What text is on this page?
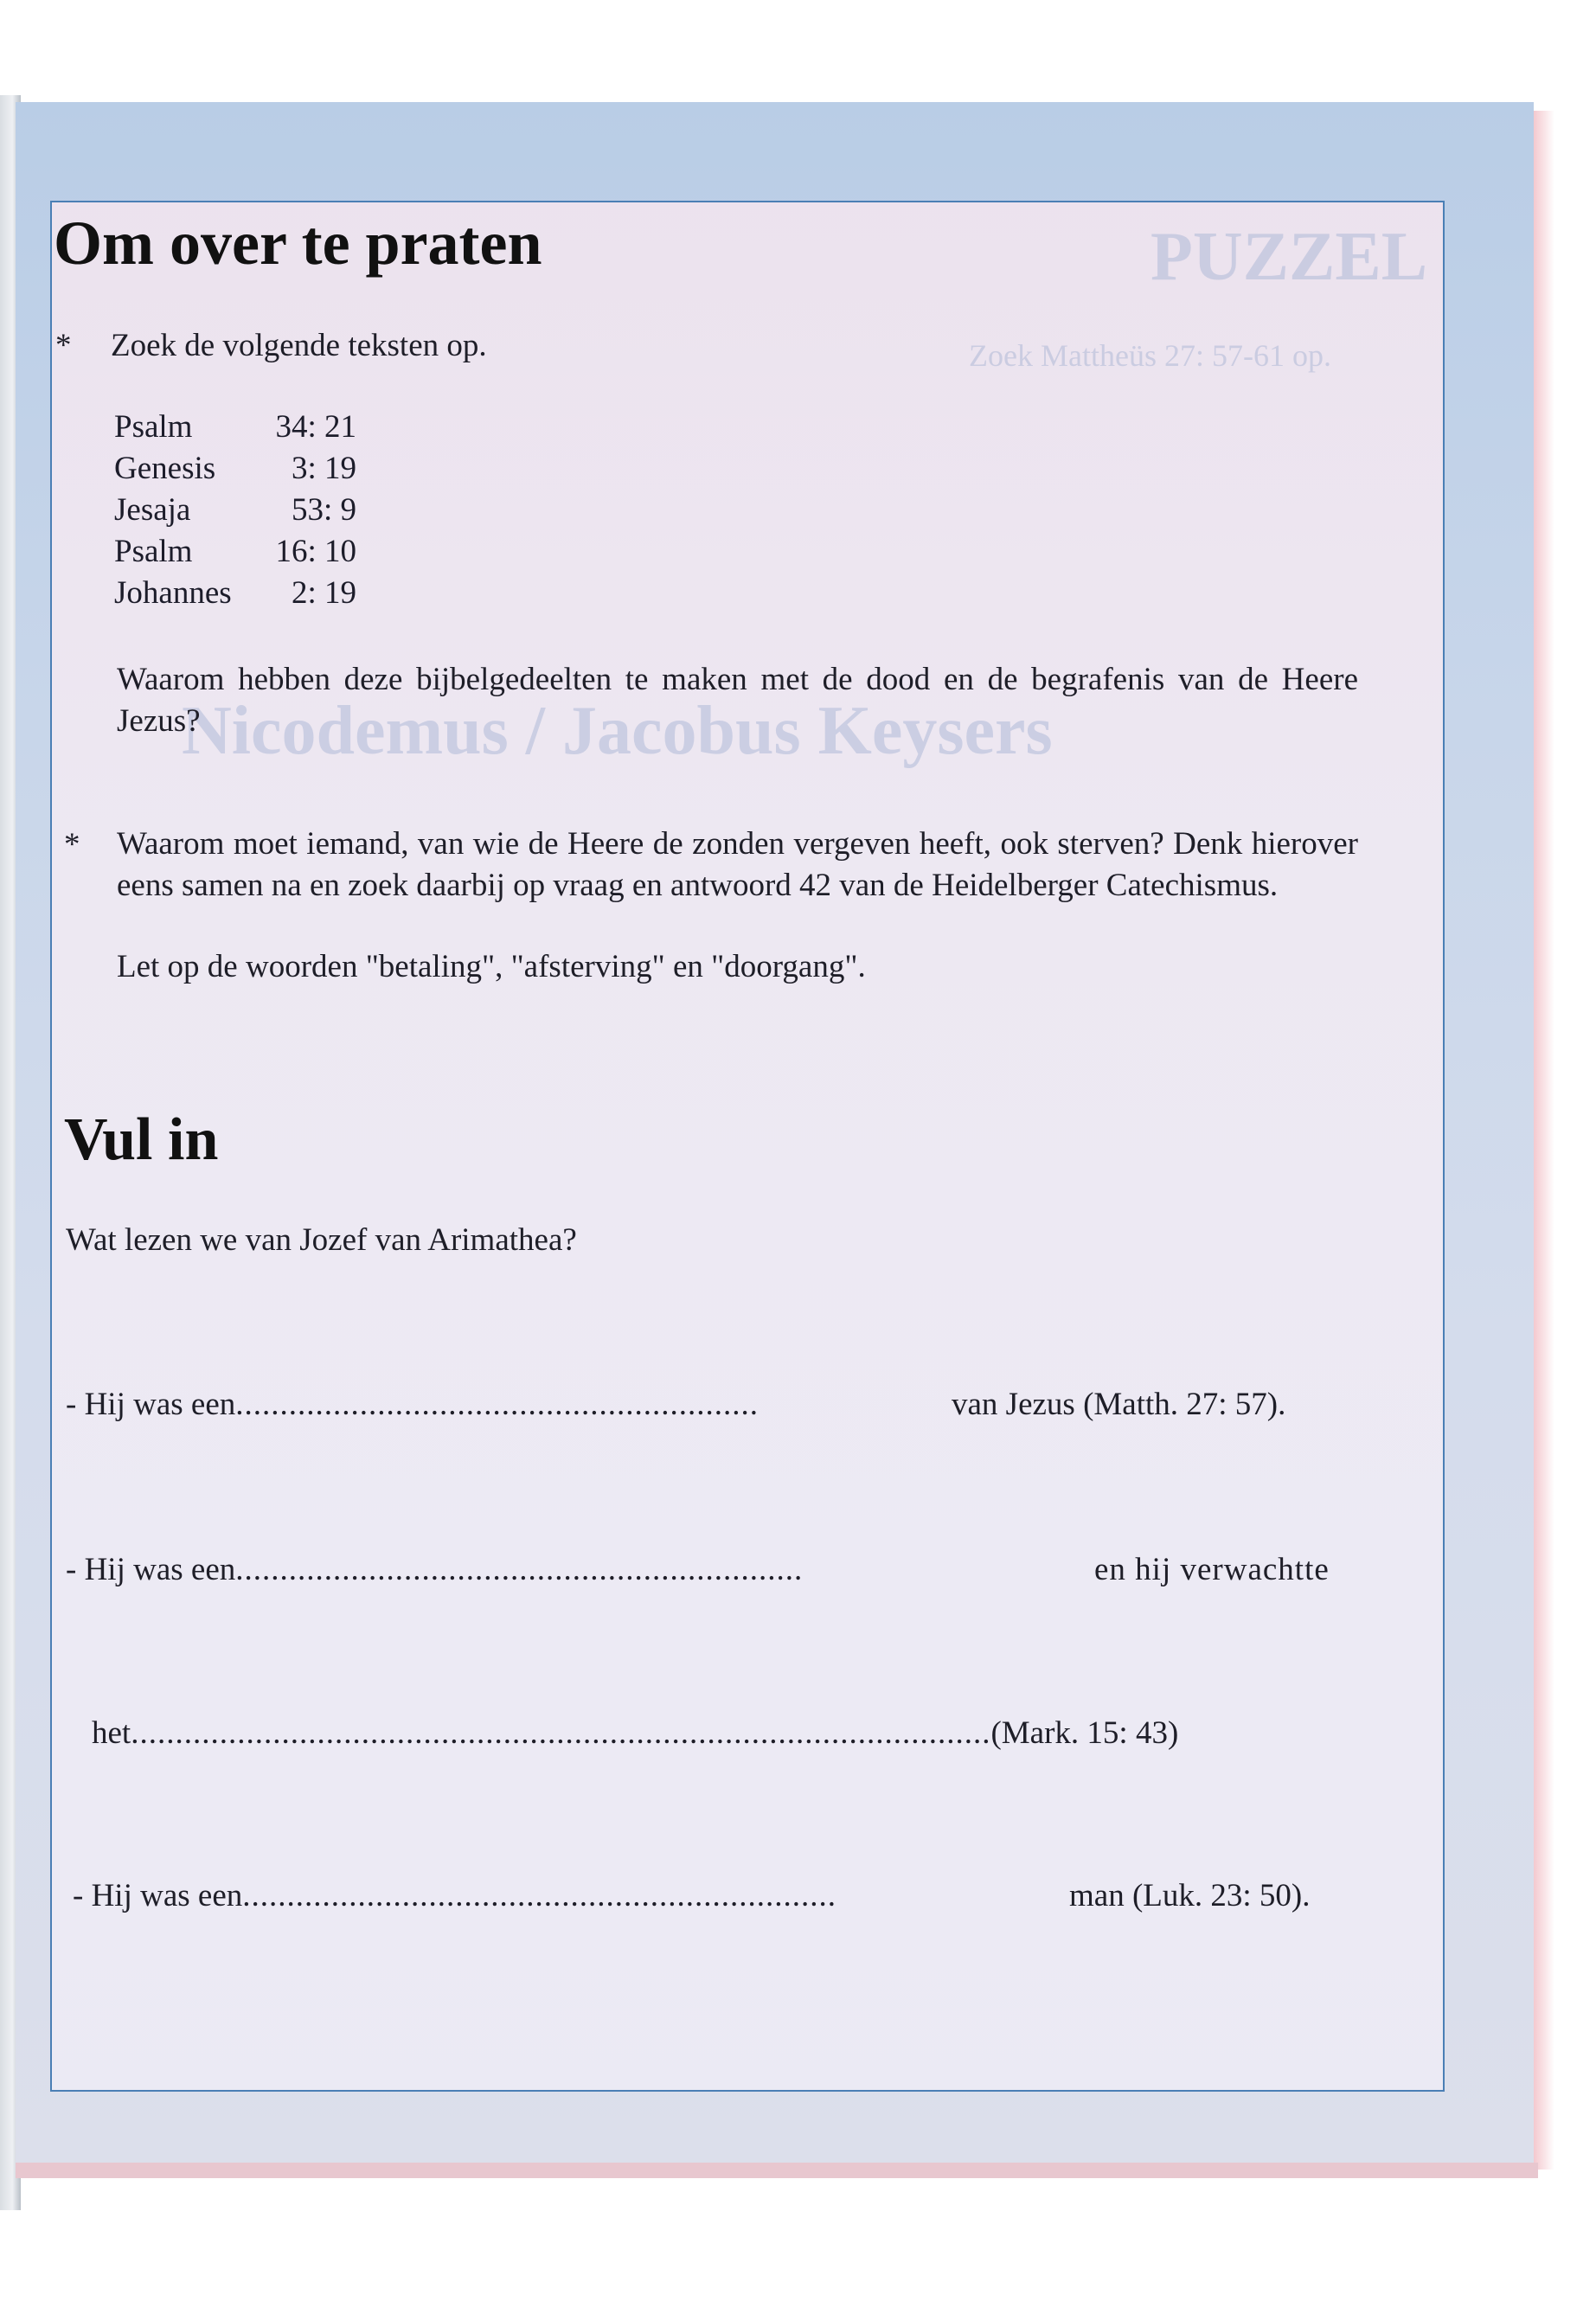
PUZZEL
Zoek Mattheüs 27: 57-61 op.
Nicodemus / Jacobus Keysers
Om over te praten
* Zoek de volgende teksten op.
Psalm	34: 21
Genesis	3: 19
Jesaja	53: 9
Psalm	16: 10
Johannes	2: 19
Waarom hebben deze bijbelgedeelten te maken met de dood en de begrafenis van de Heere Jezus?
* Waarom moet iemand, van wie de Heere de zonden vergeven heeft, ook sterven? Denk hierover eens samen na en zoek daarbij op vraag en antwoord 42 van de Heidelberger Catechismus.
Let op de woorden "betaling", "afsterving" en "doorgang".
Vul in
Wat lezen we van Jozef van Arimathea?
- Hij was een...........................................................	van Jezus (Matth. 27: 57).
- Hij was een................................................................	en hij verwachtte
het.................................................................................................(Mark. 15: 43)
- Hij was een...................................................................	man (Luk. 23: 50).
